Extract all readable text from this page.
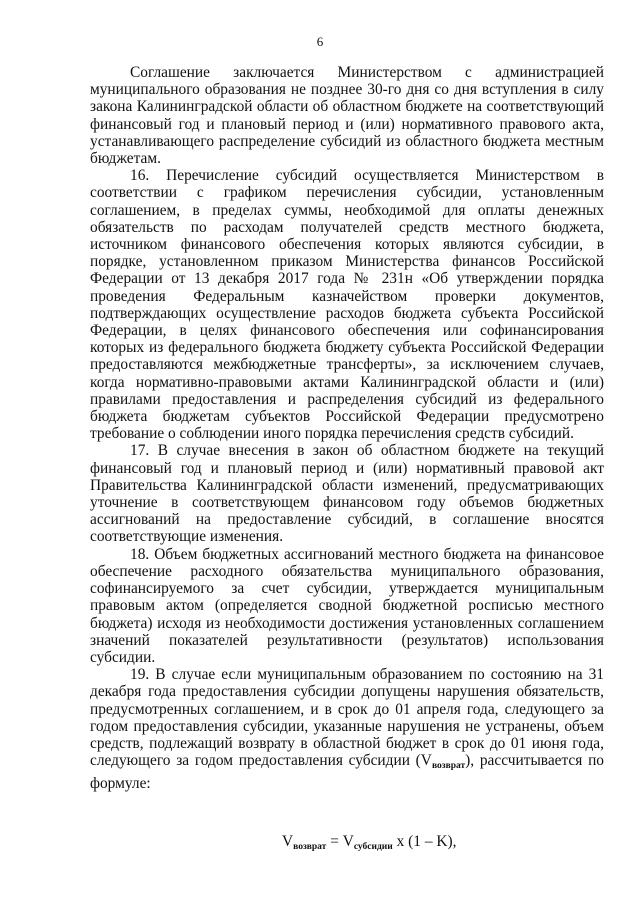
6

Соглашение заключается Министерством с администрацией муниципального образования не позднее 30-го дня со дня вступления в силу закона Калининградской области об областном бюджете на соответствующий финансовый год и плановый период и (или) нормативного правового акта, устанавливающего распределение субсидий из областного бюджета местным бюджетам.

16. Перечисление субсидий осуществляется Министерством в соответствии с графиком перечисления субсидии, установленным соглашением, в пределах суммы, необходимой для оплаты денежных обязательств по расходам получателей средств местного бюджета, источником финансового обеспечения которых являются субсидии, в порядке, установленном приказом Министерства финансов Российской Федерации от 13 декабря 2017 года № 231н «Об утверждении порядка проведения Федеральным казначейством проверки документов, подтверждающих осуществление расходов бюджета субъекта Российской Федерации, в целях финансового обеспечения или софинансирования которых из федерального бюджета бюджету субъекта Российской Федерации предоставляются межбюджетные трансферты», за исключением случаев, когда нормативно-правовыми актами Калининградской области и (или) правилами предоставления и распределения субсидий из федерального бюджета бюджетам субъектов Российской Федерации предусмотрено требование о соблюдении иного порядка перечисления средств субсидий.

17. В случае внесения в закон об областном бюджете на текущий финансовый год и плановый период и (или) нормативный правовой акт Правительства Калининградской области изменений, предусматривающих уточнение в соответствующем финансовом году объемов бюджетных ассигнований на предоставление субсидий, в соглашение вносятся соответствующие изменения.

18. Объем бюджетных ассигнований местного бюджета на финансовое обеспечение расходного обязательства муниципального образования, софинансируемого за счет субсидии, утверждается муниципальным правовым актом (определяется сводной бюджетной росписью местного бюджета) исходя из необходимости достижения установленных соглашением значений показателей результативности (результатов) использования субсидии.

19. В случае если муниципальным образованием по состоянию на 31 декабря года предоставления субсидии допущены нарушения обязательств, предусмотренных соглашением, и в срок до 01 апреля года, следующего за годом предоставления субсидии, указанные нарушения не устранены, объем средств, подлежащий возврату в областной бюджет в срок до 01 июня года, следующего за годом предоставления субсидии (Vвозврат), рассчитывается по формуле:

$V_{возврат} = V_{субсидии}$ x (1 – K),
